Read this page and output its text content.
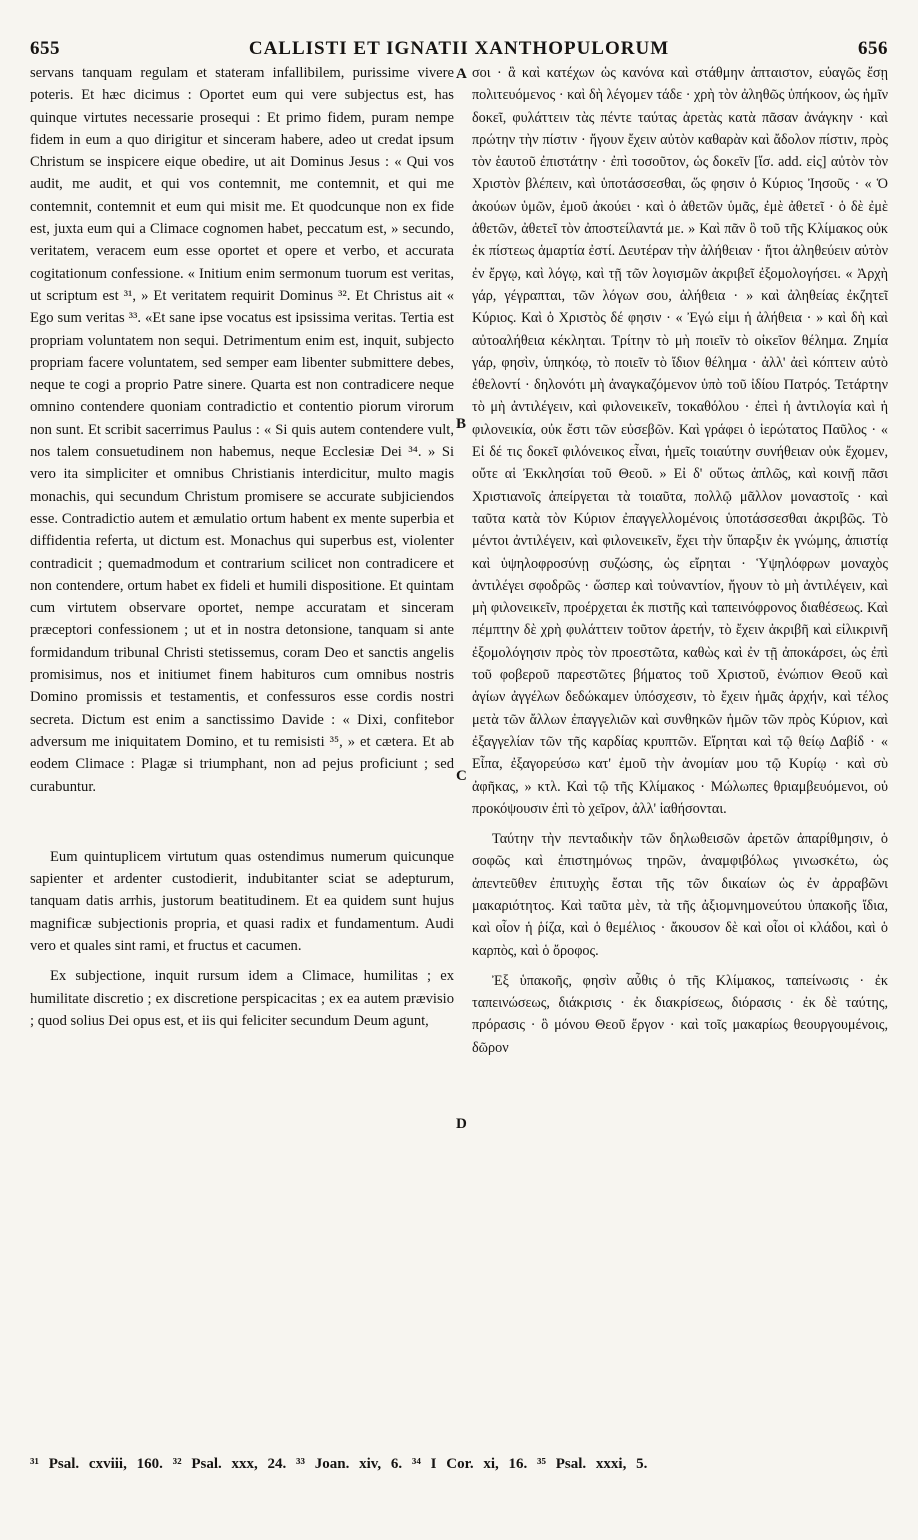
655	CALLISTI ET IGNATII XANTHOPULORUM	656

servans tanquam regulam et stateram infallibilem, purissime vivere poteris. Et hæc dicimus : Oportet eum qui vere subjectus est, has quinque virtutes necessarie prosequi : Et primo fidem, puram nempe fidem in eum a quo dirigitur et sinceram habere, adeo ut credat ipsum Christum se inspicere eique obedire, ut ait Dominus Jesus : « Qui vos audit, me audit, et qui vos contemnit, me contemnit, et qui me contemnit, contemnit et eum qui misit me. Et quodcunque non ex fide est, juxta eum qui a Climace cognomen habet, peccatum est, » secundo, veritatem, veracem eum esse oportet et opere et verbo, et accurata cogitationum confessione. « Initium enim sermonum tuorum est veritas, ut scriptum est ³¹, » Et veritatem requirit Dominus ³². Et Christus ait « Ego sum veritas ³³. «Et sane ipse vocatus est ipsissima veritas. Tertia est propriam voluntatem non sequi. Detrimentum enim est, inquit, subjecto propriam facere voluntatem, sed semper eam libenter submittere debes, neque te cogi a proprio Patre sinere. Quarta est non contradicere neque omnino contendere quoniam contradictio et contentio piorum virorum non sunt. Et scribit sacerrimus Paulus : « Si quis autem contendere vult, nos talem consuetudinem non habemus, neque Ecclesiæ Dei ³⁴. » Si vero ita simpliciter et omnibus Christianis interdicitur, multo magis monachis, qui secundum Christum promisere se accurate subjiciendos esse. Contradictio autem et æmulatio ortum habent ex mente superbia et diffidentia referta, ut dictum est. Monachus qui superbus est, violenter contradicit ; quemadmodum et contrarium scilicet non contradicere et non contendere, ortum habet ex fideli et humili dispositione. Et quintam cum virtutem observare oportet, nempe accuratam et sinceram præceptori confessionem ; ut et in nostra detonsione, tanquam si ante formidandum tribunal Christi stetissemus, coram Deo et sanctis angelis promisimus, nos et initiumet finem habituros cum omnibus nostris Domino promissis et testamentis, et confessuros esse cordis nostri secreta. Dictum est enim a sanctissimo Davide : « Dixi, confitebor adversum me iniquitatem Domino, et tu remisisti ³⁵, » et cætera. Et ab eodem Climace : Plagæ si triumphant, non ad pejus proficiunt ; sed curabuntur.

Eum quintuplicem virtutum quas ostendimus numerum quicunque sapienter et ardenter custodierit, indubitanter sciat se adepturum, tanquam datis arrhis, justorum beatitudinem. Et ea quidem sunt hujus magnificæ subjectionis propria, et quasi radix et fundamentum. Audi vero et quales sint rami, et fructus et cacumen.

Ex subjectione, inquit rursum idem a Climace, humilitas ; ex humilitate discretio ; ex discretione perspicacitas ; ex ea autem prævisio ; quod solius Dei opus est, et iis qui feliciter secundum Deum agunt,

A
B
C
D

σοι · ἃ καὶ κατέχων ὡς κανόνα καὶ στάθμην ἀπταιστον, εὐαγῶς ἔσῃ πολιτευόμενος · καὶ δὴ λέγομεν τάδε · χρὴ τὸν ἀληθῶς ὑπήκοον, ὡς ἡμῖν δοκεῖ, φυλάττειν τὰς πέντε ταύτας ἀρετὰς κατὰ πᾶσαν ἀνάγκην · καὶ πρώτην τὴν πίστιν · ἤγουν ἔχειν αὐτὸν καθαρὰν καὶ ἄδολον πίστιν, πρὸς τὸν ἑαυτοῦ ἐπιστάτην · ἐπὶ τοσοῦτον, ὡς δοκεῖν [ἴσ. add. εἰς] αὐτὸν τὸν Χριστὸν βλέπειν, καὶ ὑποτάσσεσθαι, ὥς φησιν ὁ Κύριος Ἰησοῦς · « Ὁ ἀκούων ὑμῶν, ἐμοῦ ἀκούει · καὶ ὁ ἀθετῶν ὑμᾶς, ἐμὲ ἀθετεῖ · ὁ δὲ ἐμὲ ἀθετῶν, ἀθετεῖ τὸν ἀποστείλαντά με. » Καὶ πᾶν ὃ τοῦ τῆς Κλίμακος οὐκ ἐκ πίστεως ἁμαρτία ἐστί. Δευτέραν τὴν ἀλήθειαν · ἤτοι ἀληθεύειν αὐτὸν ἐν ἔργῳ, καὶ λόγῳ, καὶ τῇ τῶν λογισμῶν ἀκριβεῖ ἐξομολογήσει. « Ἀρχὴ γάρ, γέγραπται, τῶν λόγων σου, ἀλήθεια · » καὶ ἀληθείας ἐκζητεῖ Κύριος. Καὶ ὁ Χριστὸς δέ φησιν · « Ἐγώ εἰμι ἡ ἀλήθεια · » καὶ δὴ καὶ αὐτοαλήθεια κέκληται. Τρίτην τὸ μὴ ποιεῖν τὸ οἰκεῖον θέλημα. Ζημία γάρ, φησὶν, ὑπηκόῳ, τὸ ποιεῖν τὸ ἴδιον θέλημα · ἀλλ' ἀεὶ κόπτειν αὐτὸ ἐθελοντί · δηλονότι μὴ ἀναγκαζόμενον ὑπὸ τοῦ ἰδίου Πατρός. Τετάρτην τὸ μὴ ἀντιλέγειν, καὶ φιλονεικεῖν, τοκαθόλου · ἐπεὶ ἡ ἀντιλογία καὶ ἡ φιλονεικία, οὐκ ἔστι τῶν εὐσεβῶν. Καὶ γράφει ὁ ἱερώτατος Παῦλος · « Εἰ δέ τις δοκεῖ φιλόνεικος εἶναι, ἡμεῖς τοιαύτην συνήθειαν οὐκ ἔχομεν, οὔτε αἱ Ἐκκλησίαι τοῦ Θεοῦ. » Εἰ δ' οὕτως ἁπλῶς, καὶ κοινῇ πᾶσι Χριστιανοῖς ἀπείργεται τὰ τοιαῦτα, πολλῷ μᾶλλον μοναστοῖς · καὶ ταῦτα κατὰ τὸν Κύριον ἐπαγγελλομένοις ὑποτάσσεσθαι ἀκριβῶς. Τὸ μέντοι ἀντιλέγειν, καὶ φιλονεικεῖν, ἔχει τὴν ὕπαρξιν ἐκ γνώμης, ἀπιστίᾳ καὶ ὑψηλοφροσύνῃ συζώσης, ὡς εἴρηται · Ὑψηλόφρων μοναχὸς ἀντιλέγει σφοδρῶς · ὥσπερ καὶ τοὐναντίον, ἤγουν τὸ μὴ ἀντιλέγειν, καὶ μὴ φιλονεικεῖν, προέρχεται ἐκ πιστῆς καὶ ταπεινόφρονος διαθέσεως. Καὶ πέμπτην δὲ χρὴ φυλάττειν τοῦτον ἀρετήν, τὸ ἔχειν ἀκριβῆ καὶ εἰλικρινῆ ἐξομολόγησιν πρὸς τὸν προεστῶτα, καθὼς καὶ ἐν τῇ ἀποκάρσει, ὡς ἐπὶ τοῦ φοβεροῦ παρεστῶτες βήματος τοῦ Χριστοῦ, ἐνώπιον Θεοῦ καὶ ἁγίων ἀγγέλων δεδώκαμεν ὑπόσχεσιν, τὸ ἔχειν ἡμᾶς ἀρχήν, καὶ τέλος μετὰ τῶν ἄλλων ἐπαγγελιῶν καὶ συνθηκῶν ἡμῶν τῶν πρὸς Κύριον, καὶ ἐξαγγελίαν τῶν τῆς καρδίας κρυπτῶν. Εἴρηται καὶ τῷ θείῳ Δαβίδ · « Εἶπα, ἐξαγορεύσω κατ' ἐμοῦ τὴν ἀνομίαν μου τῷ Κυρίῳ · καὶ σὺ ἀφῆκας, » κτλ. Καὶ τῷ τῆς Κλίμακος · Μώλωπες θριαμβευόμενοι, οὐ προκόψουσιν ἐπὶ τὸ χεῖρον, ἀλλ' ἰαθήσονται.

Ταύτην τὴν πενταδικὴν τῶν δηλωθεισῶν ἀρετῶν ἀπαρίθμησιν, ὁ σοφῶς καὶ ἐπιστημόνως τηρῶν, ἀναμφιβόλως γινωσκέτω, ὡς ἀπεντεῦθεν ἐπιτυχὴς ἔσται τῆς τῶν δικαίων ὡς ἐν ἀρραβῶνι μακαριότητος. Καὶ ταῦτα μὲν, τὰ τῆς ἀξιομνημονεύτου ὑπακοῆς ἴδια, καὶ οἷον ἡ ῥίζα, καὶ ὁ θεμέλιος · ἄκουσον δὲ καὶ οἷοι οἱ κλάδοι, καὶ ὁ καρπὸς, καὶ ὁ ὄροφος.

Ἐξ ὑπακοῆς, φησὶν αὖθις ὁ τῆς Κλίμακος, ταπείνωσις · ἐκ ταπεινώσεως, διάκρισις · ἐκ διακρίσεως, διόρασις · ἐκ δὲ ταύτης, πρόρασις · ὃ μόνου Θεοῦ ἔργον · καὶ τοῖς μακαρίως θεουργουμένοις, δῶρον

³¹ Psal. cxviii, 160. ³² Psal. xxx, 24. ³³ Joan. xiv, 6. ³⁴ I Cor. xi, 16. ³⁵ Psal. xxxi, 5.
